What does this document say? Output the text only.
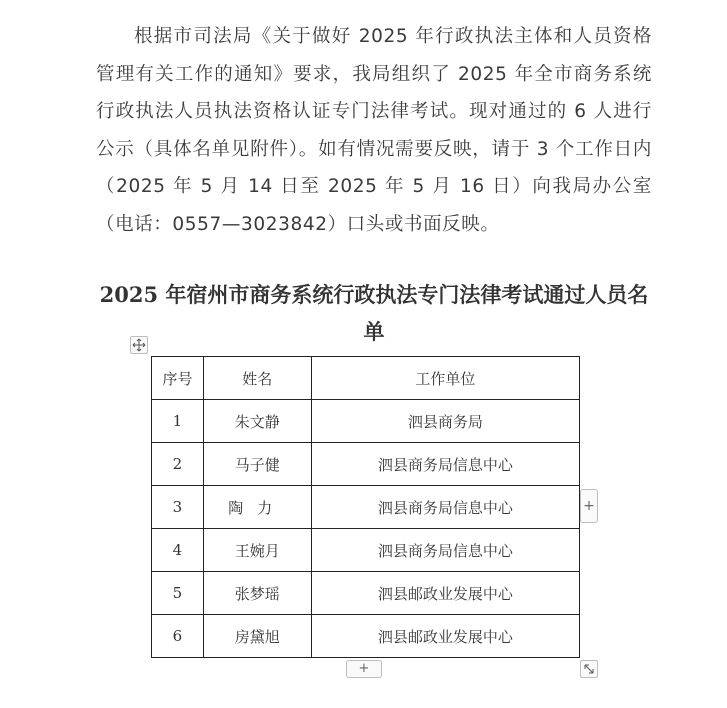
根据市司法局《关于做好 2025 年行政执法主体和人员资格管理有关工作的通知》要求，我局组织了 2025 年全市商务系统行政执法人员执法资格认证专门法律考试。现对通过的 6 人进行公示（具体名单见附件）。如有情况需要反映，请于 3 个工作日内（2025 年 5 月 14 日至 2025 年 5 月 16 日）向我局办公室（电话：0557—3023842）口头或书面反映。

2025 年宿州市商务系统行政执法专门法律考试通过人员名单
序号	姓名	工作单位
1	朱文静	泗县商务局
2	马子健	泗县商务局信息中心
3	陶力	泗县商务局信息中心
4	王婉月	泗县商务局信息中心
5	张梦瑶	泗县邮政业发展中心
6	房黛旭	泗县邮政业发展中心
+
+
